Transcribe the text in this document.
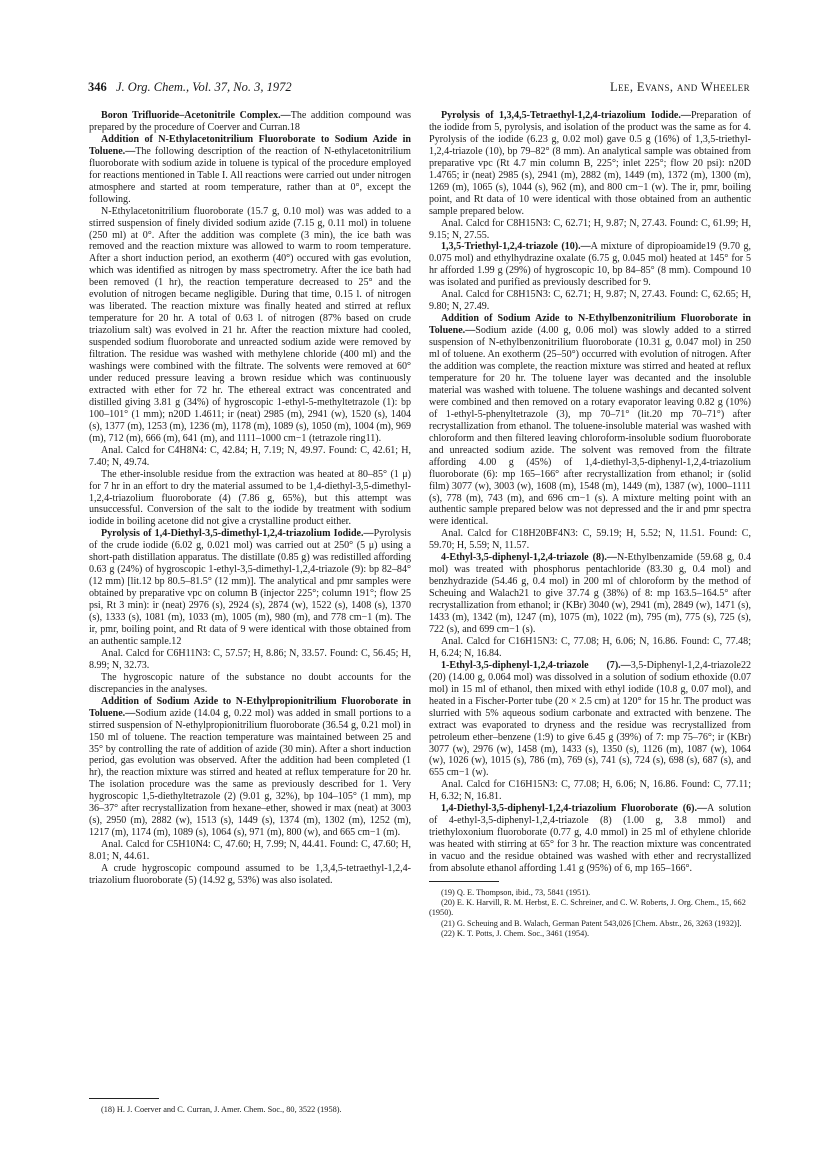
346 J. Org. Chem., Vol. 37, No. 3, 1972	Lee, Evans, and Wheeler

Boron Trifluoride–Acetonitrile Complex.—The addition compound was prepared by the procedure of Coerver and Curran.18

Addition of N-Ethylacetonitrilium Fluoroborate to Sodium Azide in Toluene.—The following description of the reaction of N-ethylacetonitrilium fluoroborate with sodium azide in toluene is typical of the procedure employed for reactions mentioned in Table I. All reactions were carried out under nitrogen atmosphere and started at room temperature, rather than at 0°, except the following.

N-Ethylacetonitrilium fluoroborate (15.7 g, 0.10 mol) was was added to a stirred suspension of finely divided sodium azide (7.15 g, 0.11 mol) in toluene (250 ml) at 0°. After the addition was complete (3 min), the ice bath was removed and the reaction mixture was allowed to warm to room temperature. After a short induction period, an exotherm (40°) occured with gas evolution, which was identified as nitrogen by mass spectrometry. After the ice bath had been removed (1 hr), the reaction temperature decreased to 25° and the evolution of nitrogen became negligible. During that time, 0.15 l. of nitrogen was liberated. The reaction mixture was finally heated and stirred at reflux temperature for 20 hr. A total of 0.63 l. of nitrogen (87% based on crude triazolium salt) was evolved in 21 hr. After the reaction mixture had cooled, suspended sodium fluoroborate and unreacted sodium azide were removed by filtration. The residue was washed with methylene chloride (400 ml) and the washings were combined with the filtrate. The solvents were removed at 60° under reduced pressure leaving a brown residue which was continuously extracted with ether for 72 hr. The ethereal extract was concentrated and distilled giving 3.81 g (34%) of hygroscopic 1-ethyl-5-methyltetrazole (1): bp 100–101° (1 mm); n20D 1.4611; ir (neat) 2985 (m), 2941 (w), 1520 (s), 1404 (s), 1377 (m), 1253 (m), 1236 (m), 1178 (m), 1089 (s), 1050 (m), 1004 (m), 969 (m), 712 (m), 666 (m), 641 (m), and 1111–1000 cm−1 (tetrazole ring11).

Anal. Calcd for C4H8N4: C, 42.84; H, 7.19; N, 49.97. Found: C, 42.61; H, 7.40; N, 49.74.

The ether-insoluble residue from the extraction was heated at 80–85° (1 μ) for 7 hr in an effort to dry the material assumed to be 1,4-diethyl-3,5-dimethyl-1,2,4-triazolium fluoroborate (4) (7.86 g, 65%), but this attempt was unsuccessful. Conversion of the salt to the iodide by treatment with sodium iodide in boiling acetone did not give a crystalline product either.

Pyrolysis of 1,4-Diethyl-3,5-dimethyl-1,2,4-triazolium Iodide.—Pyrolysis of the crude iodide (6.02 g, 0.021 mol) was carried out at 250° (5 μ) using a short-path distillation apparatus. The distillate (0.85 g) was redistilled affording 0.63 g (24%) of hygroscopic 1-ethyl-3,5-dimethyl-1,2,4-triazole (9): bp 82–84° (12 mm) [lit.12 bp 80.5–81.5° (12 mm)]. The analytical and pmr samples were obtained by preparative vpc on column B (injector 225°; column 191°; flow 25 psi, Rt 3 min): ir (neat) 2976 (s), 2924 (s), 2874 (w), 1522 (s), 1408 (s), 1370 (s), 1333 (s), 1081 (m), 1033 (m), 1005 (m), 980 (m), and 778 cm−1 (m). The ir, pmr, boiling point, and Rt data of 9 were identical with those obtained from an authentic sample.12

Anal. Calcd for C6H11N3: C, 57.57; H, 8.86; N, 33.57. Found: C, 56.45; H, 8.99; N, 32.73.

The hygroscopic nature of the substance no doubt accounts for the discrepancies in the analyses.

Addition of Sodium Azide to N-Ethylpropionitrilium Fluoroborate in Toluene.—Sodium azide (14.04 g, 0.22 mol) was added in small portions to a stirred suspension of N-ethylpropionitrilium fluoroborate (36.54 g, 0.21 mol) in 150 ml of toluene. The reaction temperature was maintained between 25 and 35° by controlling the rate of addition of azide (30 min). After a short induction period, gas evolution was observed. After the addition had been completed (1 hr), the reaction mixture was stirred and heated at reflux temperature for 20 hr. The isolation procedure was the same as previously described for 1. Very hygroscopic 1,5-diethyltetrazole (2) (9.01 g, 32%), bp 104–105° (1 mm), mp 36–37° after recrystallization from hexane–ether, showed ir max (neat) at 3003 (s), 2950 (m), 2882 (w), 1513 (s), 1449 (s), 1374 (m), 1302 (m), 1252 (m), 1217 (m), 1174 (m), 1089 (s), 1064 (s), 971 (m), 800 (w), and 665 cm−1 (m).

Anal. Calcd for C5H10N4: C, 47.60; H, 7.99; N, 44.41. Found: C, 47.60; H, 8.01; N, 44.61.

A crude hygroscopic compound assumed to be 1,3,4,5-tetraethyl-1,2,4-triazolium fluoroborate (5) (14.92 g, 53%) was also isolated.

(18) H. J. Coerver and C. Curran, J. Amer. Chem. Soc., 80, 3522 (1958).

Pyrolysis of 1,3,4,5-Tetraethyl-1,2,4-triazolium Iodide.—Preparation of the iodide from 5, pyrolysis, and isolation of the product was the same as for 4. Pyrolysis of the iodide (6.23 g, 0.02 mol) gave 0.5 g (16%) of 1,3,5-triethyl-1,2,4-triazole (10), bp 79–82° (8 mm). An analytical sample was obtained from preparative vpc (Rt 4.7 min column B, 225°; inlet 225°; flow 20 psi): n20D 1.4765; ir (neat) 2985 (s), 2941 (m), 2882 (m), 1449 (m), 1372 (m), 1300 (m), 1269 (m), 1065 (s), 1044 (s), 962 (m), and 800 cm−1 (w). The ir, pmr, boiling point, and Rt data of 10 were identical with those obtained from an authentic sample prepared below.

Anal. Calcd for C8H15N3: C, 62.71; H, 9.87; N, 27.43. Found: C, 61.99; H, 9.15; N, 27.55.

1,3,5-Triethyl-1,2,4-triazole (10).—A mixture of dipropioamide19 (9.70 g, 0.075 mol) and ethylhydrazine oxalate (6.75 g, 0.045 mol) heated at 145° for 5 hr afforded 1.99 g (29%) of hygroscopic 10, bp 84–85° (8 mm). Compound 10 was isolated and purified as previously described for 9.

Anal. Calcd for C8H15N3: C, 62.71; H, 9.87; N, 27.43. Found: C, 62.65; H, 9.80; N, 27.49.

Addition of Sodium Azide to N-Ethylbenzonitrilium Fluoroborate in Toluene.—Sodium azide (4.00 g, 0.06 mol) was slowly added to a stirred suspension of N-ethylbenzonitrilium fluoroborate (10.31 g, 0.047 mol) in 250 ml of toluene. An exotherm (25–50°) occurred with evolution of nitrogen. After the addition was complete, the reaction mixture was stirred and heated at reflux temperature for 20 hr. The toluene layer was decanted and the insoluble material was washed with toluene. The toluene washings and decanted solvent were combined and then removed on a rotary evaporator leaving 0.82 g (10%) of 1-ethyl-5-phenyltetrazole (3), mp 70–71° (lit.20 mp 70–71°) after recrystallization from ethanol. The toluene-insoluble material was washed with chloroform and then filtered leaving chloroform-insoluble sodium fluoroborate and unreacted sodium azide. The solvent was removed from the filtrate affording 4.00 g (45%) of 1,4-diethyl-3,5-diphenyl-1,2,4-triazolium fluoroborate (6): mp 165–166° after recrystallization from ethanol; ir (solid film) 3077 (w), 3003 (w), 1608 (m), 1548 (m), 1449 (m), 1387 (w), 1000–1111 (s), 778 (m), 743 (m), and 696 cm−1 (s). A mixture melting point with an authentic sample prepared below was not depressed and the ir and pmr spectra were identical.

Anal. Calcd for C18H20BF4N3: C, 59.19; H, 5.52; N, 11.51. Found: C, 59.70; H, 5.59; N, 11.57.

4-Ethyl-3,5-diphenyl-1,2,4-triazole (8).—N-Ethylbenzamide (59.68 g, 0.4 mol) was treated with phosphorus pentachloride (83.30 g, 0.4 mol) and benzhydrazide (54.46 g, 0.4 mol) in 200 ml of chloroform by the method of Scheuing and Walach21 to give 37.74 g (38%) of 8: mp 163.5–164.5° after recrystallization from ethanol; ir (KBr) 3040 (w), 2941 (m), 2849 (w), 1471 (s), 1433 (m), 1342 (m), 1247 (m), 1075 (m), 1022 (m), 795 (m), 775 (s), 725 (s), 722 (s), and 699 cm−1 (s).

Anal. Calcd for C16H15N3: C, 77.08; H, 6.06; N, 16.86. Found: C, 77.48; H, 6.24; N, 16.84.

1-Ethyl-3,5-diphenyl-1,2,4-triazole (7).—3,5-Diphenyl-1,2,4-triazole22 (20) (14.00 g, 0.064 mol) was dissolved in a solution of sodium ethoxide (0.07 mol) in 15 ml of ethanol, then mixed with ethyl iodide (10.8 g, 0.07 mol), and heated in a Fischer-Porter tube (20 × 2.5 cm) at 120° for 15 hr. The product was slurried with 5% aqueous sodium carbonate and extracted with benzene. The extract was evaporated to dryness and the residue was recrystallized from petroleum ether–benzene (1:9) to give 6.45 g (39%) of 7: mp 75–76°; ir (KBr) 3077 (w), 2976 (w), 1458 (m), 1433 (s), 1350 (s), 1126 (m), 1087 (w), 1064 (w), 1026 (w), 1015 (s), 786 (m), 769 (s), 741 (s), 724 (s), 698 (s), 687 (s), and 655 cm−1 (w).

Anal. Calcd for C16H15N3: C, 77.08; H, 6.06; N, 16.86. Found: C, 77.11; H, 6.32; N, 16.81.

1,4-Diethyl-3,5-diphenyl-1,2,4-triazolium Fluoroborate (6).—A solution of 4-ethyl-3,5-diphenyl-1,2,4-triazole (8) (1.00 g, 3.8 mmol) and triethyloxonium fluoroborate (0.77 g, 4.0 mmol) in 25 ml of ethylene chloride was heated with stirring at 65° for 3 hr. The reaction mixture was concentrated in vacuo and the residue obtained was washed with ether and recrystallized from absolute ethanol affording 1.41 g (95%) of 6, mp 165–166°.

(19) Q. E. Thompson, ibid., 73, 5841 (1951).

(20) E. K. Harvill, R. M. Herbst, E. C. Schreiner, and C. W. Roberts, J. Org. Chem., 15, 662 (1950).

(21) G. Scheuing and B. Walach, German Patent 543,026 [Chem. Abstr., 26, 3263 (1932)].

(22) K. T. Potts, J. Chem. Soc., 3461 (1954).
